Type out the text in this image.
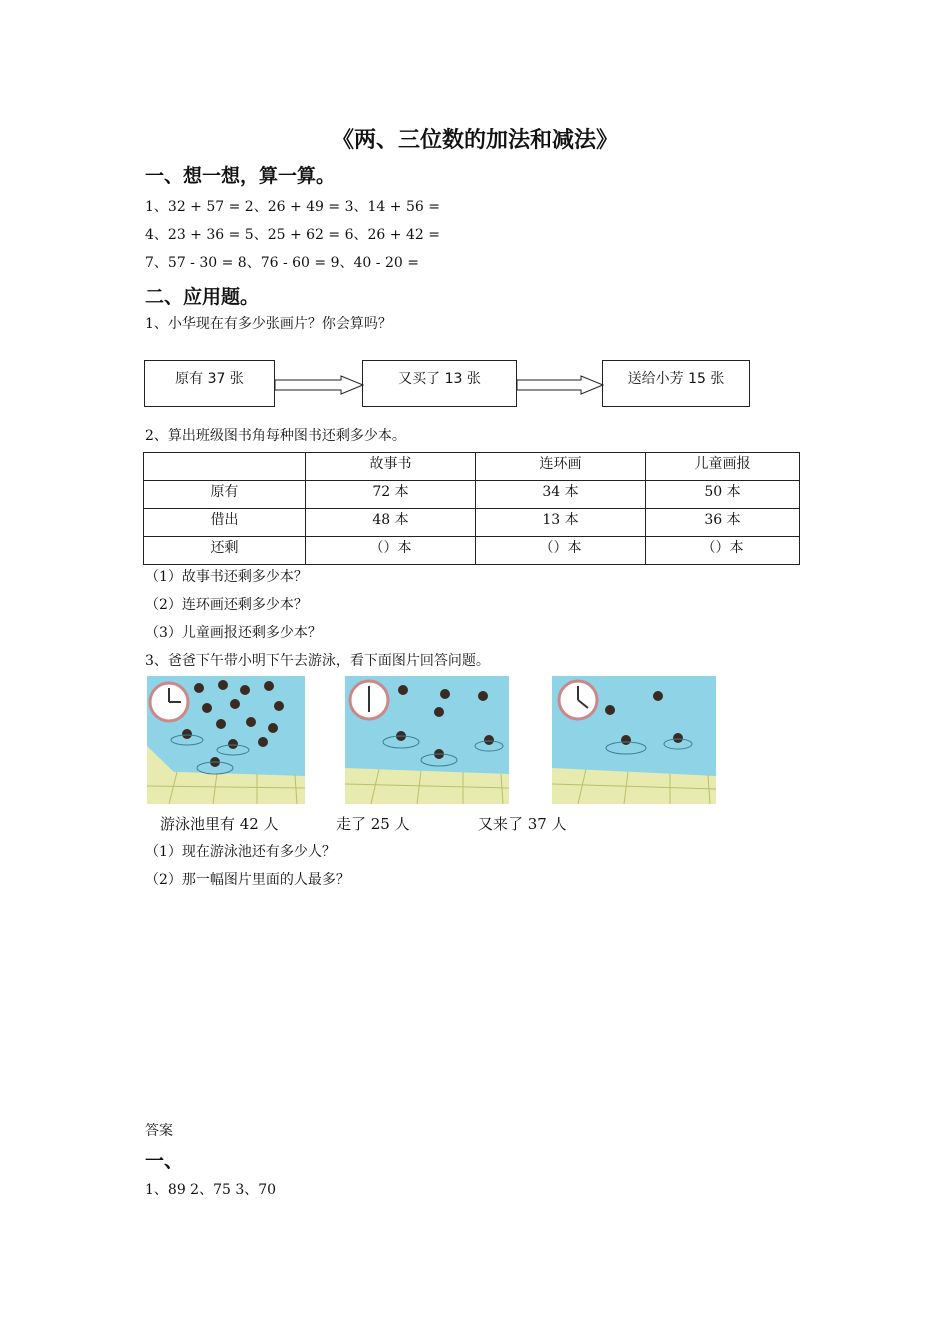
《两、三位数的加法和减法》
一、想一想，算一算。
1、32 + 57 = 2、26 + 49 = 3、14 + 56 =
4、23 + 36 = 5、25 + 62 = 6、26 + 42 =
7、57 - 30 = 8、76 - 60 = 9、40 - 20 =
二、应用题。
1、小华现在有多少张画片？你会算吗？
原有 37 张	又买了 13 张	送给小芳 15 张
2、算出班级图书角每种图书还剩多少本。
	故事书	连环画	儿童画报
原有	72 本	34 本	50 本
借出	48 本	13 本	36 本
还剩	（）本	（）本	（）本
（1）故事书还剩多少本？
（2）连环画还剩多少本？
（3）儿童画报还剩多少本？
3、爸爸下午带小明下午去游泳，看下面图片回答问题。
游泳池里有 42 人	走了 25 人	又来了 37 人
（1）现在游泳池还有多少人？
（2）那一幅图片里面的人最多？
答案
一、
1、89 2、75 3、70
